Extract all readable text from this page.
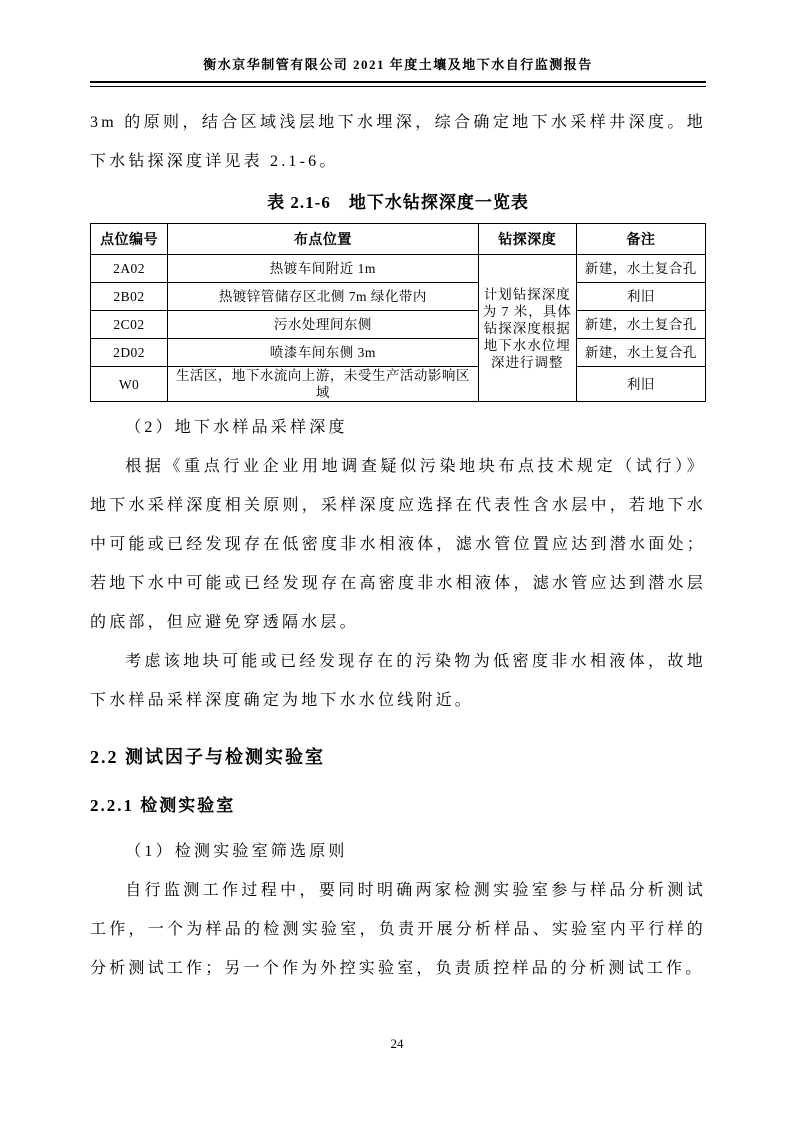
衡水京华制管有限公司 2021 年度土壤及地下水自行监测报告

3m 的原则，结合区域浅层地下水埋深，综合确定地下水采样井深度。地下水钻探深度详见表 2.1-6。

表 2.1-6　地下水钻探深度一览表
点位编号	布点位置	钻探深度	备注
2A02	热镀车间附近 1m	计划钻探深度为 7 米，具体钻探深度根据地下水水位埋深进行调整	新建，水土复合孔
2B02	热镀锌管储存区北侧 7m 绿化带内		利旧
2C02	污水处理间东侧		新建，水土复合孔
2D02	喷漆车间东侧 3m		新建，水土复合孔
W0	生活区，地下水流向上游，未受生产活动影响区域		利旧

（2）地下水样品采样深度

根据《重点行业企业用地调查疑似污染地块布点技术规定（试行）》地下水采样深度相关原则，采样深度应选择在代表性含水层中，若地下水中可能或已经发现存在低密度非水相液体，滤水管位置应达到潜水面处；若地下水中可能或已经发现存在高密度非水相液体，滤水管应达到潜水层的底部，但应避免穿透隔水层。

考虑该地块可能或已经发现存在的污染物为低密度非水相液体，故地下水样品采样深度确定为地下水水位线附近。

2.2 测试因子与检测实验室
2.2.1 检测实验室

（1）检测实验室筛选原则

自行监测工作过程中，要同时明确两家检测实验室参与样品分析测试工作，一个为样品的检测实验室，负责开展分析样品、实验室内平行样的分析测试工作；另一个作为外控实验室，负责质控样品的分析测试工作。

24
